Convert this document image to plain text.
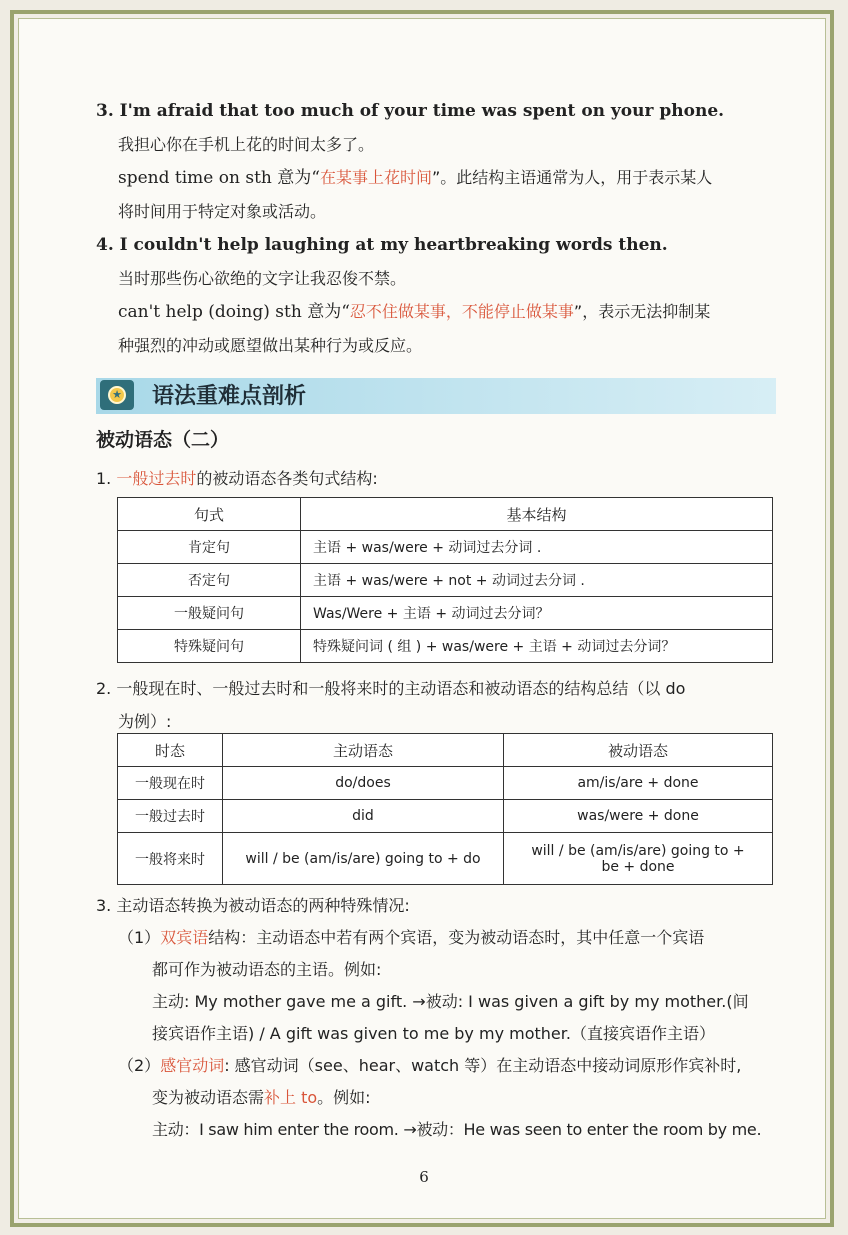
3. I'm afraid that too much of your time was spent on your phone.
我担心你在手机上花的时间太多了。
spend time on sth 意为“在某事上花时间”。此结构主语通常为人，用于表示某人
将时间用于特定对象或活动。
4. I couldn't help laughing at my heartbreaking words then.
当时那些伤心欲绝的文字让我忍俊不禁。
can't help (doing) sth 意为“忍不住做某事，不能停止做某事”，表示无法抑制某
种强烈的冲动或愿望做出某种行为或反应。
★	语法重难点剖析
被动语态（二）
1. 一般过去时的被动语态各类句式结构:
句式	基本结构
肯定句	主语 + was/were + 动词过去分词 .
否定句	主语 + was/were + not + 动词过去分词 .
一般疑问句	Was/Were + 主语 + 动词过去分词？
特殊疑问句	特殊疑问词 ( 组 ) + was/were + 主语 + 动词过去分词？
2. 一般现在时、一般过去时和一般将来时的主动语态和被动语态的结构总结（以 do
为例）:
时态	主动语态	被动语态
一般现在时	do/does	am/is/are + done
一般过去时	did	was/were + done
一般将来时	will / be (am/is/are) going to + do	will / be (am/is/are) going to +
be + done
3. 主动语态转换为被动语态的两种特殊情况:
（1）双宾语结构：主动语态中若有两个宾语，变为被动语态时，其中任意一个宾语
都可作为被动语态的主语。例如:
主动: My mother gave me a gift. →被动: I was given a gift by my mother.(间
接宾语作主语) / A gift was given to me by my mother.（直接宾语作主语）
（2）感官动词: 感官动词（see、hear、watch 等）在主动语态中接动词原形作宾补时,
变为被动语态需补上 to。例如:
主动：I saw him enter the room. →被动：He was seen to enter the room by me.
6
